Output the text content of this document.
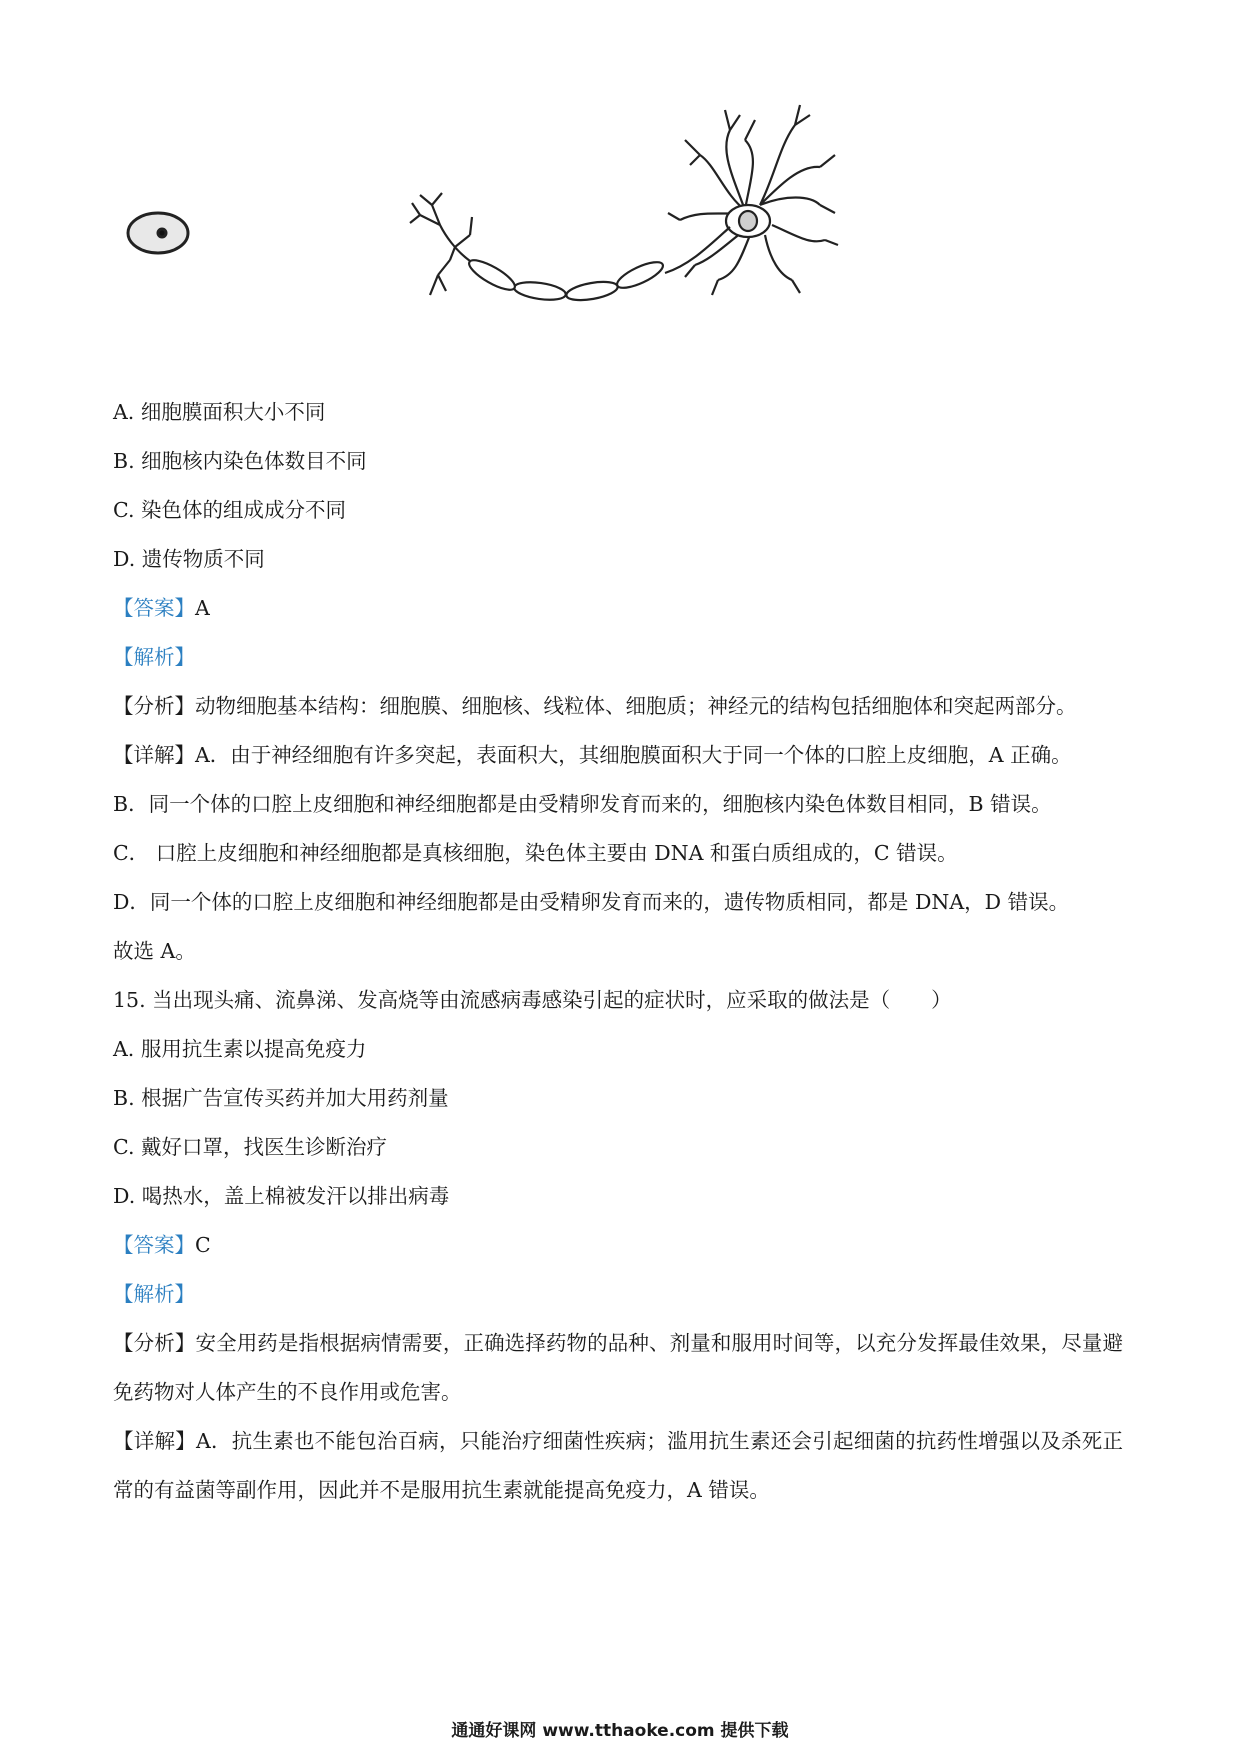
A. 细胞膜面积大小不同
B. 细胞核内染色体数目不同
C. 染色体的组成成分不同
D. 遗传物质不同
【答案】A
【解析】
【分析】动物细胞基本结构：细胞膜、细胞核、线粒体、细胞质；神经元的结构包括细胞体和突起两部分。
【详解】A．由于神经细胞有许多突起，表面积大，其细胞膜面积大于同一个体的口腔上皮细胞，A 正确。
B．同一个体的口腔上皮细胞和神经细胞都是由受精卵发育而来的，细胞核内染色体数目相同，B 错误。
C． 口腔上皮细胞和神经细胞都是真核细胞，染色体主要由 DNA 和蛋白质组成的，C 错误。
D．同一个体的口腔上皮细胞和神经细胞都是由受精卵发育而来的，遗传物质相同，都是 DNA，D 错误。
故选 A。
15. 当出现头痛、流鼻涕、发高烧等由流感病毒感染引起的症状时，应采取的做法是（　　）
A. 服用抗生素以提高免疫力
B. 根据广告宣传买药并加大用药剂量
C. 戴好口罩，找医生诊断治疗
D. 喝热水，盖上棉被发汗以排出病毒
【答案】C
【解析】
【分析】安全用药是指根据病情需要，正确选择药物的品种、剂量和服用时间等，以充分发挥最佳效果，尽量避免药物对人体产生的不良作用或危害。
【详解】A．抗生素也不能包治百病，只能治疗细菌性疾病；滥用抗生素还会引起细菌的抗药性增强以及杀死正常的有益菌等副作用，因此并不是服用抗生素就能提高免疫力，A 错误。
通通好课网 www.tthaoke.com 提供下载
